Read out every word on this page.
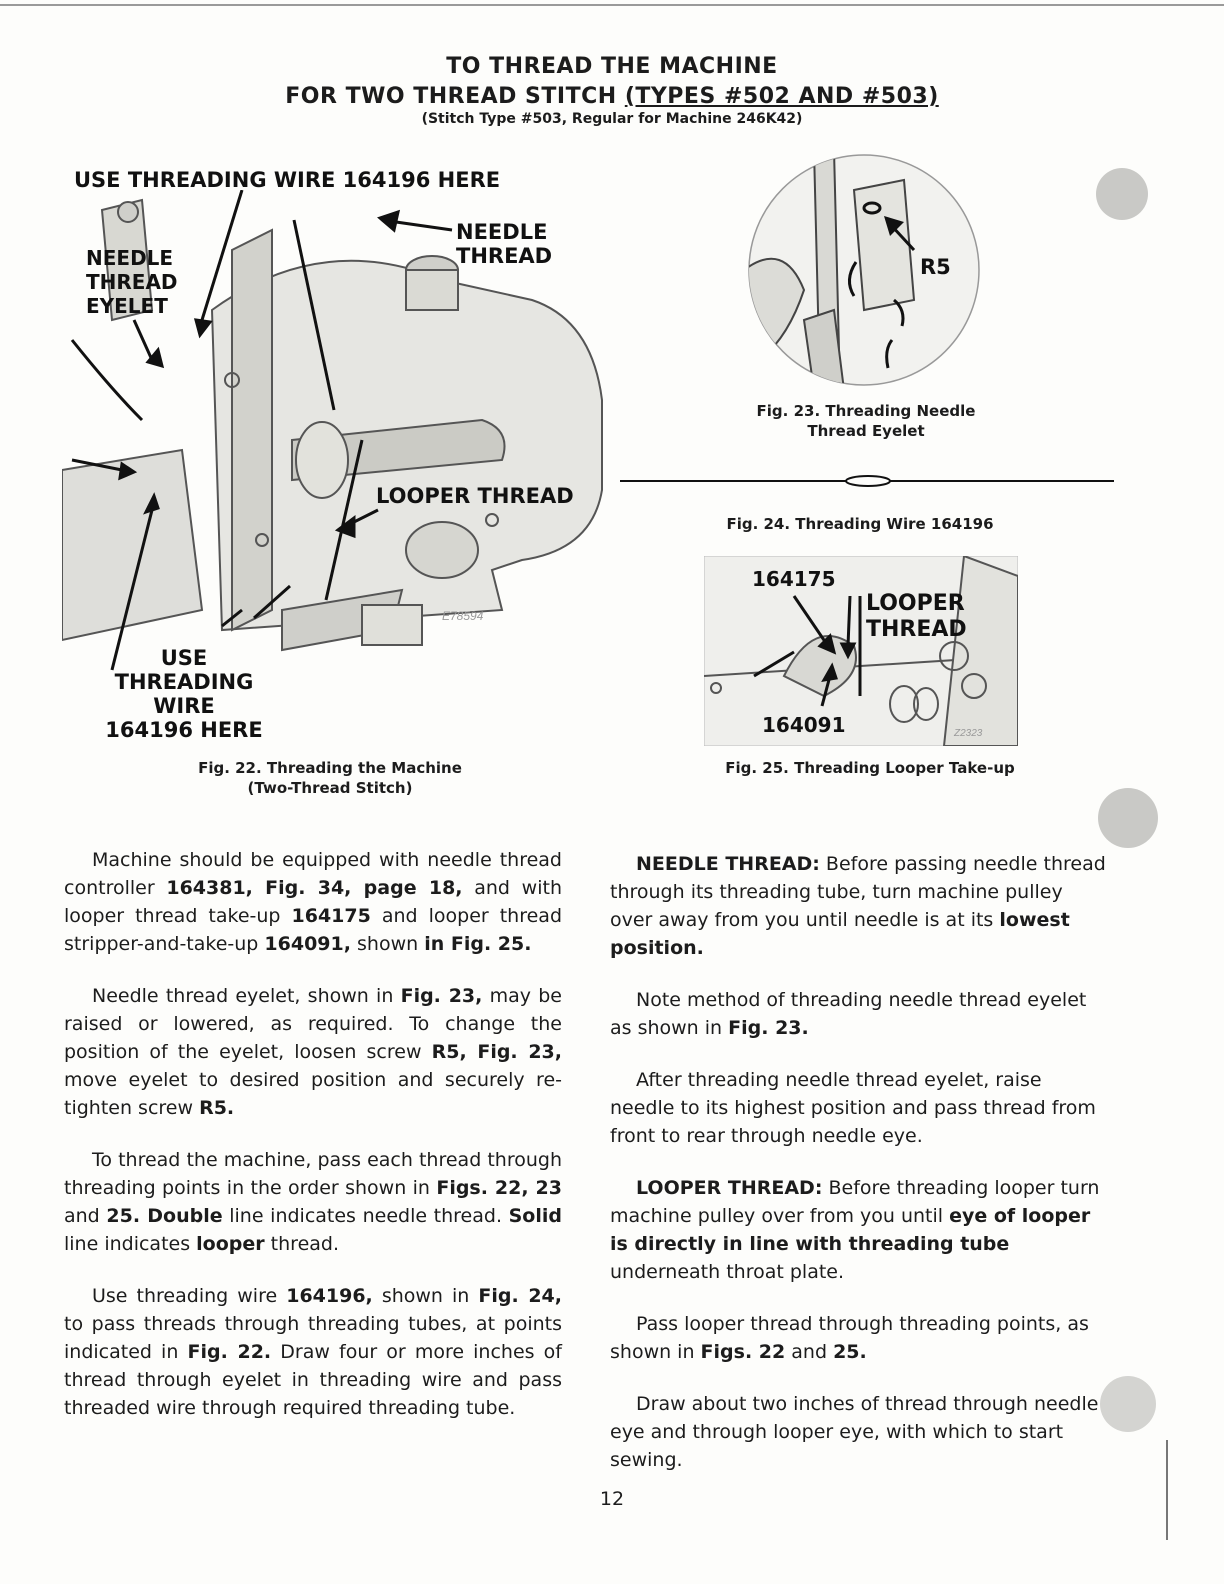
TO THREAD THE MACHINE
FOR TWO THREAD STITCH (TYPES #502 AND #503)
(Stitch Type #503, Regular for Machine 246K42)
E78594
USE THREADING WIRE 164196 HERE
NEEDLE
THREAD
NEEDLE
THREAD
EYELET
LOOPER THREAD
USE
THREADING WIRE
164196 HERE
Fig. 22. Threading the Machine
(Two-Thread Stitch)
R5
Fig. 23. Threading Needle
Thread Eyelet
Fig. 24. Threading Wire 164196
164175
LOOPER
THREAD
164091	Z2323
Fig. 25. Threading Looper Take-up

Machine should be equipped with needle thread controller 164381, Fig. 34, page 18, and with looper thread take-up 164175 and looper thread stripper-and-take-up 164091, shown in Fig. 25.

Needle thread eyelet, shown in Fig. 23, may be raised or lowered, as required. To change the position of the eyelet, loosen screw R5, Fig. 23, move eyelet to desired position and securely re-tighten screw R5.

To thread the machine, pass each thread through threading points in the order shown in Figs. 22, 23 and 25. Double line indicates needle thread. Solid line indicates looper thread.

Use threading wire 164196, shown in Fig. 24, to pass threads through threading tubes, at points indicated in Fig. 22. Draw four or more inches of thread through eyelet in threading wire and pass threaded wire through required threading tube.

NEEDLE THREAD: Before passing needle thread through its threading tube, turn machine pulley over away from you until needle is at its lowest position.

Note method of threading needle thread eyelet as shown in Fig. 23.

After threading needle thread eyelet, raise needle to its highest position and pass thread from front to rear through needle eye.

LOOPER THREAD: Before threading looper turn machine pulley over from you until eye of looper is directly in line with threading tube underneath throat plate.

Pass looper thread through threading points, as shown in Figs. 22 and 25.

Draw about two inches of thread through needle eye and through looper eye, with which to start sewing.

12
